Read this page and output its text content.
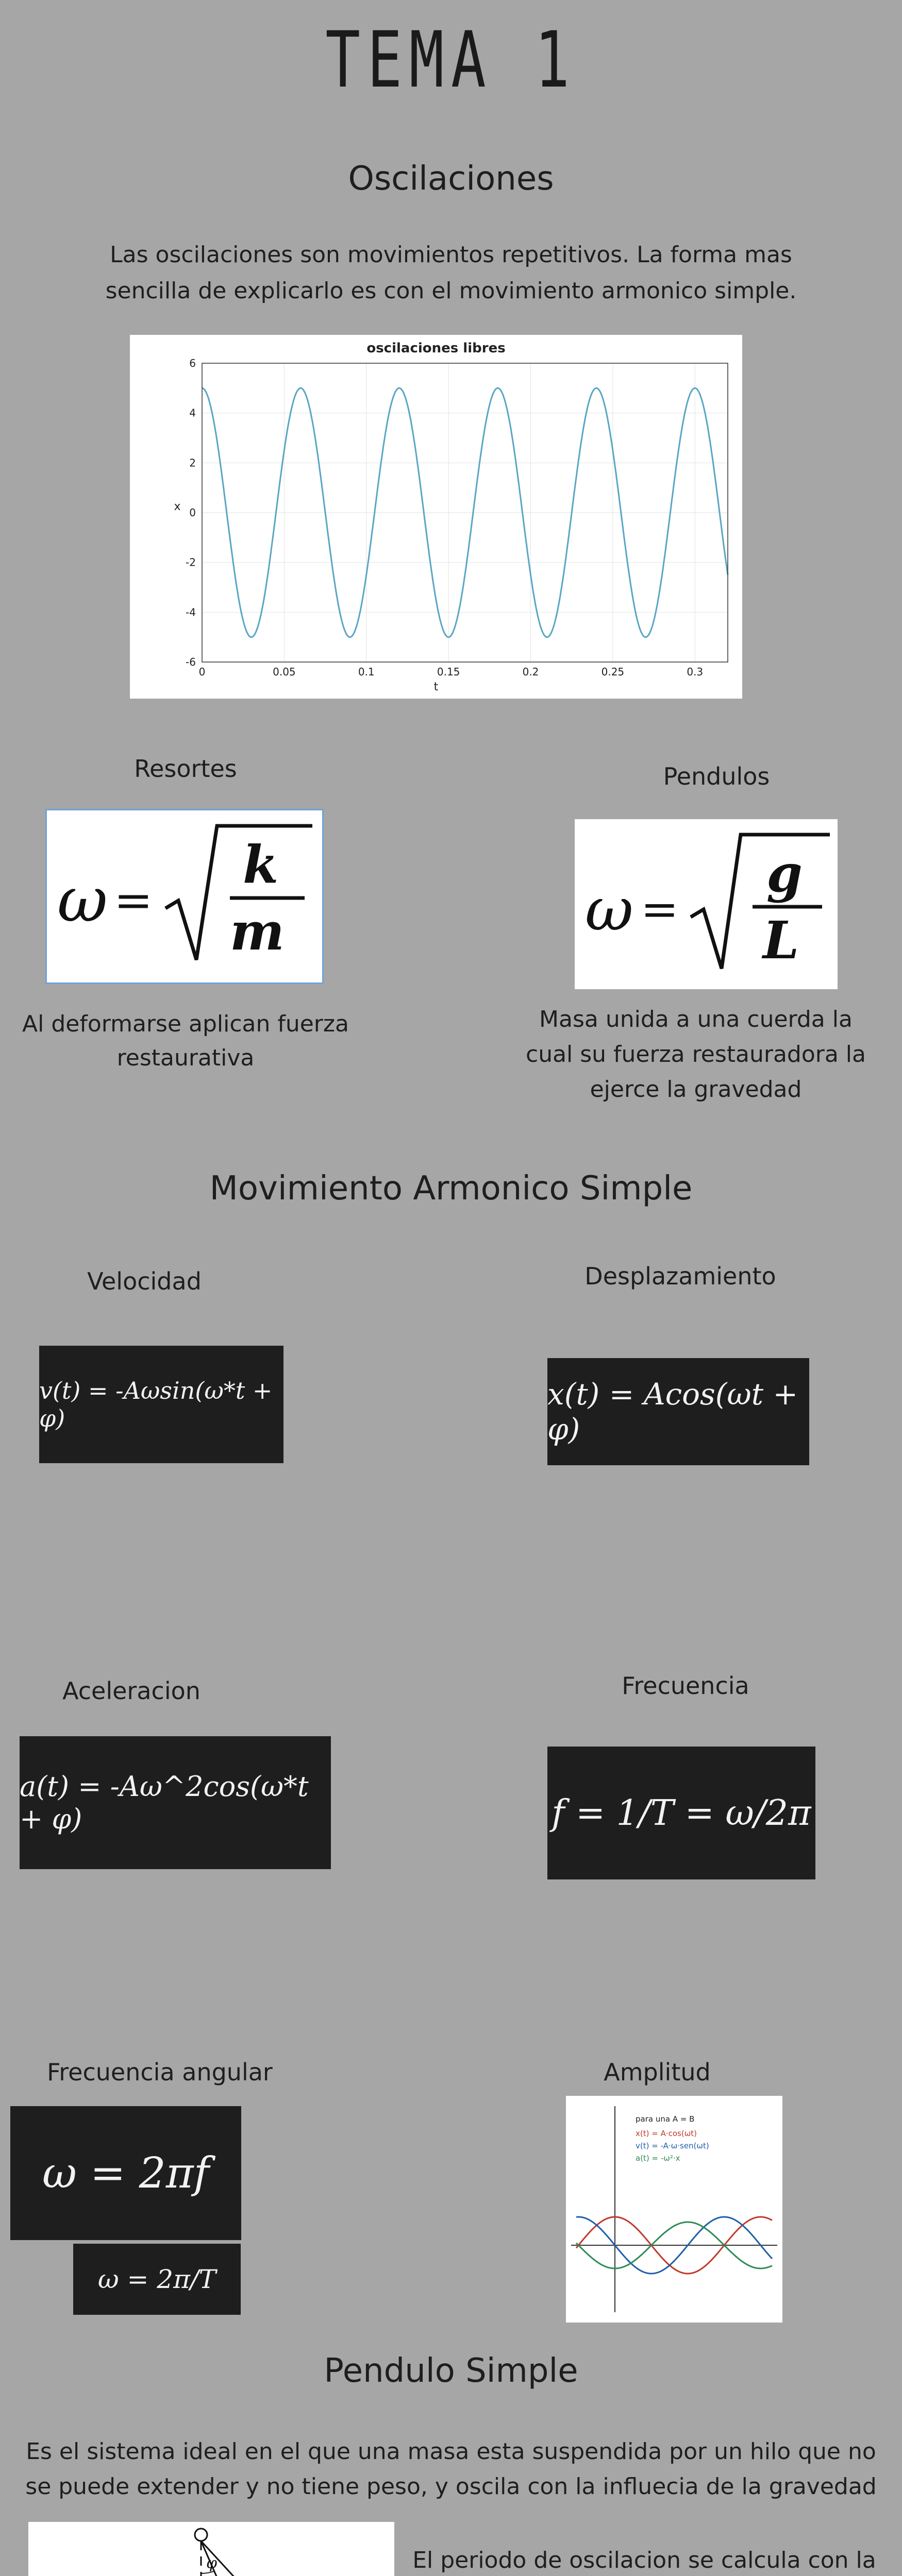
TEMA 1
Oscilaciones
Las oscilaciones son movimientos repetitivos. La forma mas sencilla de explicarlo es con el movimiento armonico simple.
oscilaciones libres
t
x
0	0.05	0.1	0.15	0.2	0.25	0.3
-6
-4
-2
0
2
4
6
Resortes
ω =
k
m
Al deformarse aplican fuerza restaurativa
Pendulos
ω =
g
L
Masa unida a una cuerda la cual su fuerza restauradora la ejerce la gravedad
Movimiento Armonico Simple
Velocidad
v(t) = -Aωsin(ω*t + φ)
Desplazamiento
x(t) = Acos(ωt + φ)
Aceleracion
a(t) = -Aω^2cos(ω*t + φ)
Frecuencia
f = 1/T = ω/2π
Frecuencia angular
ω = 2πf
ω = 2π/T
Amplitud
para una A = B
x(t) = A·cos(ωt)
v(t) = -A·ω·sen(ωt)
a(t) = -ω²·x
Pendulo Simple
Es el sistema ideal en el que una masa esta suspendida por un hilo que no se puede extender y no tiene peso, y oscila con la influecia de la gravedad
φ	El periodo de oscilacion se calcula con la
